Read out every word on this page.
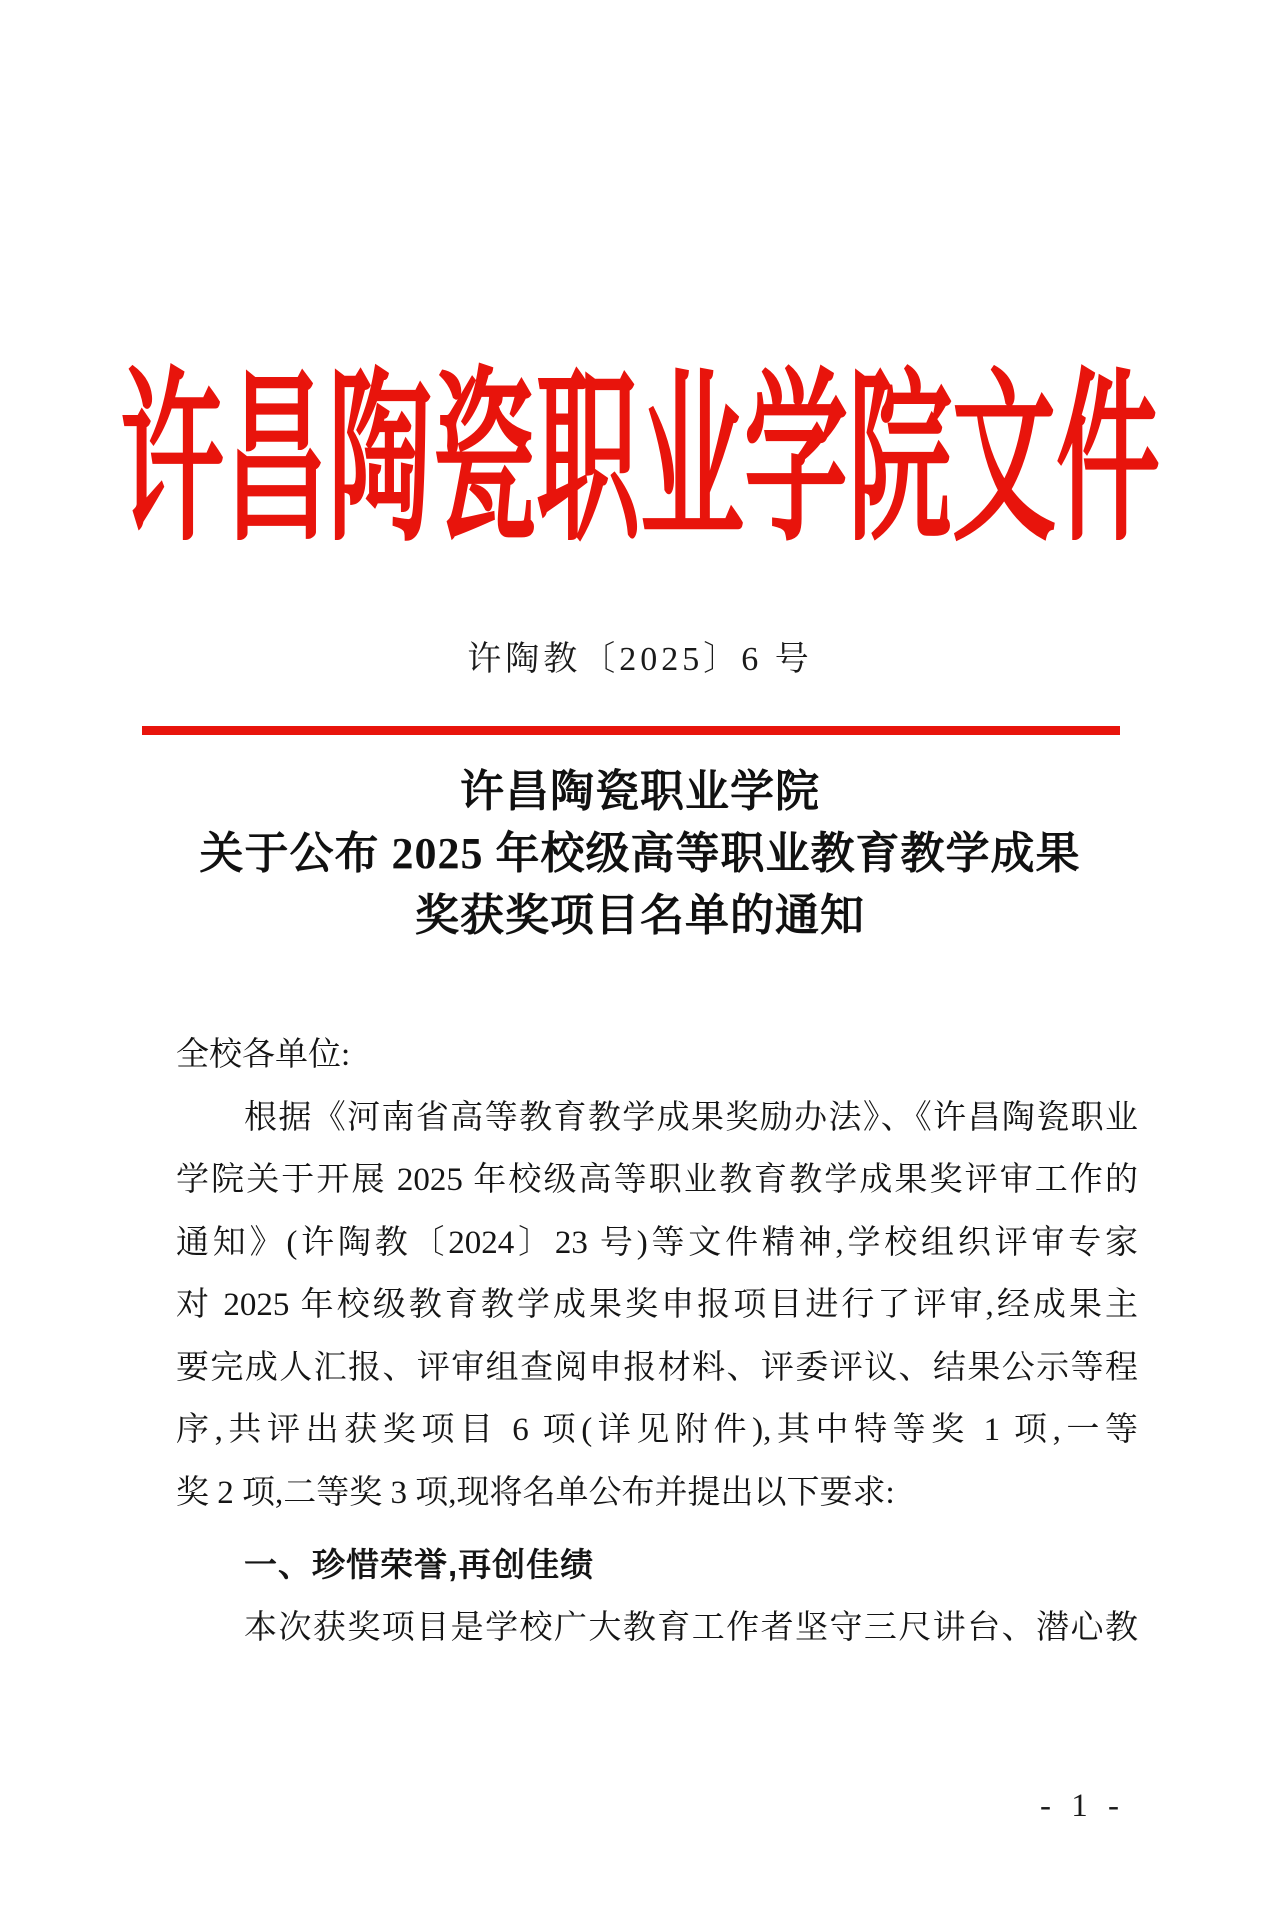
许昌陶瓷职业学院文件
许陶教〔2025〕6 号
许昌陶瓷职业学院
关于公布 2025 年校级高等职业教育教学成果
奖获奖项目名单的通知
全校各单位:
根据《河南省高等教育教学成果奖励办法》、《许昌陶瓷职业
学院关于开展 2025 年校级高等职业教育教学成果奖评审工作的
通知》(许陶教〔2024〕23 号)等文件精神,学校组织评审专家
对 2025 年校级教育教学成果奖申报项目进行了评审,经成果主
要完成人汇报、评审组查阅申报材料、评委评议、结果公示等程
序,共评出获奖项目 6 项(详见附件),其中特等奖 1 项,一等
奖 2 项,二等奖 3 项,现将名单公布并提出以下要求:
一、珍惜荣誉,再创佳绩
本次获奖项目是学校广大教育工作者坚守三尺讲台、潜心教
- 1 -
